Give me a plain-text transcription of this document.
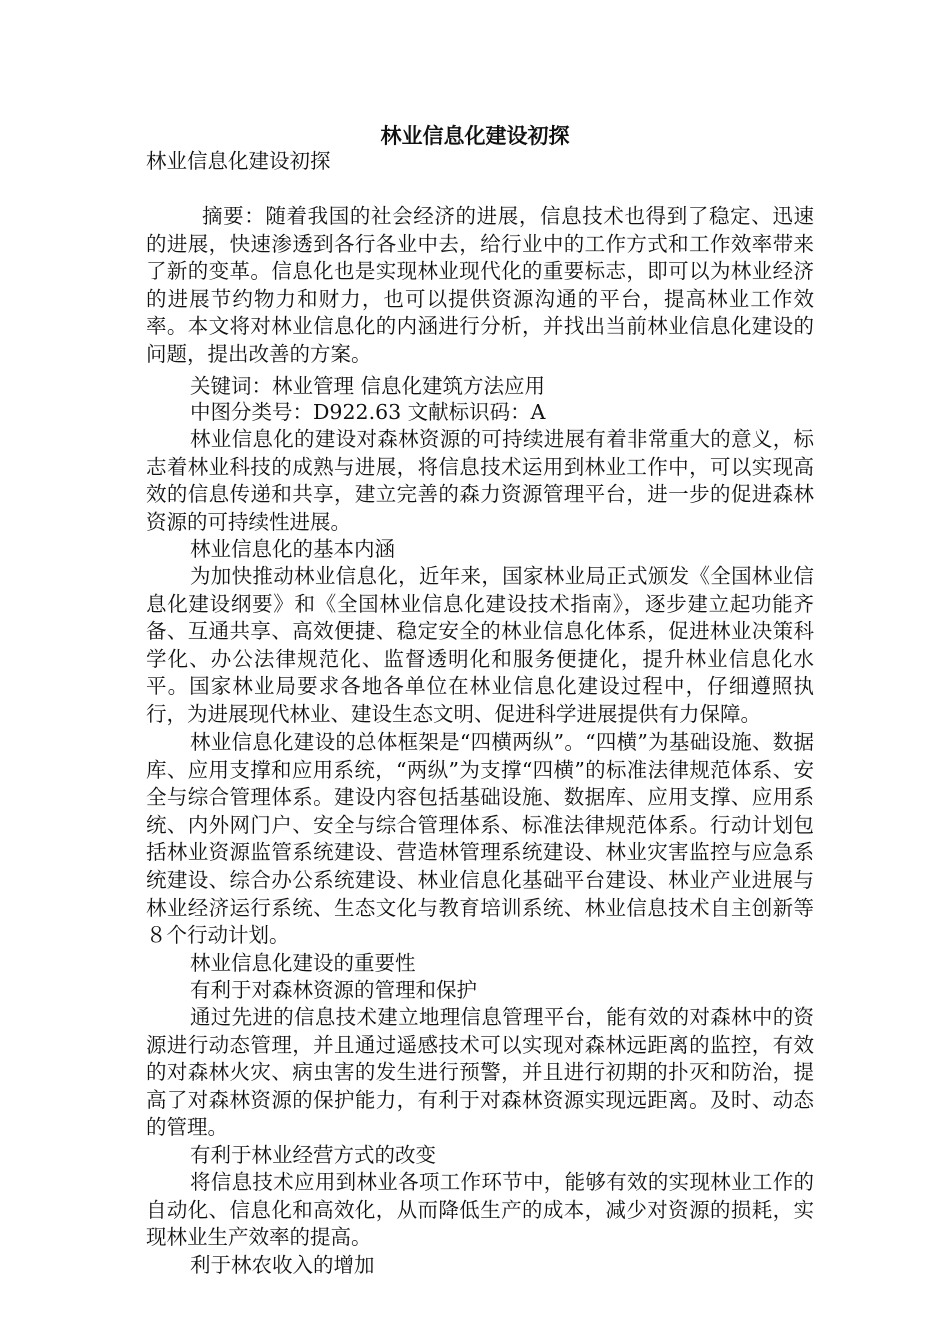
林业信息化建设初探

林业信息化建设初探

摘要：随着我国的社会经济的进展，信息技术也得到了稳定、迅速的进展，快速渗透到各行各业中去，给行业中的工作方式和工作效率带来了新的变革。信息化也是实现林业现代化的重要标志，即可以为林业经济的进展节约物力和财力，也可以提供资源沟通的平台，提高林业工作效率。本文将对林业信息化的内涵进行分析，并找出当前林业信息化建设的问题，提出改善的方案。

关键词：林业管理 信息化建筑方法应用

中图分类号：D922.63 文献标识码：A

林业信息化的建设对森林资源的可持续进展有着非常重大的意义，标志着林业科技的成熟与进展，将信息技术运用到林业工作中，可以实现高效的信息传递和共享，建立完善的森力资源管理平台，进一步的促进森林资源的可持续性进展。

林业信息化的基本内涵

为加快推动林业信息化，近年来，国家林业局正式颁发《全国林业信息化建设纲要》和《全国林业信息化建设技术指南》，逐步建立起功能齐备、互通共享、高效便捷、稳定安全的林业信息化体系，促进林业决策科学化、办公法律规范化、监督透明化和服务便捷化，提升林业信息化水平。国家林业局要求各地各单位在林业信息化建设过程中，仔细遵照执行，为进展现代林业、建设生态文明、促进科学进展提供有力保障。

林业信息化建设的总体框架是“四横两纵”。“四横”为基础设施、数据库、应用支撑和应用系统，“两纵”为支撑“四横”的标准法律规范体系、安全与综合管理体系。建设内容包括基础设施、数据库、应用支撑、应用系统、内外网门户、安全与综合管理体系、标准法律规范体系。行动计划包括林业资源监管系统建设、营造林管理系统建设、林业灾害监控与应急系统建设、综合办公系统建设、林业信息化基础平台建设、林业产业进展与林业经济运行系统、生态文化与教育培训系统、林业信息技术自主创新等８个行动计划。

林业信息化建设的重要性

有利于对森林资源的管理和保护

通过先进的信息技术建立地理信息管理平台，能有效的对森林中的资源进行动态管理，并且通过遥感技术可以实现对森林远距离的监控，有效的对森林火灾、病虫害的发生进行预警，并且进行初期的扑灭和防治，提高了对森林资源的保护能力，有利于对森林资源实现远距离。及时、动态的管理。

有利于林业经营方式的改变

将信息技术应用到林业各项工作环节中，能够有效的实现林业工作的自动化、信息化和高效化，从而降低生产的成本，减少对资源的损耗，实现林业生产效率的提高。

利于林农收入的增加
